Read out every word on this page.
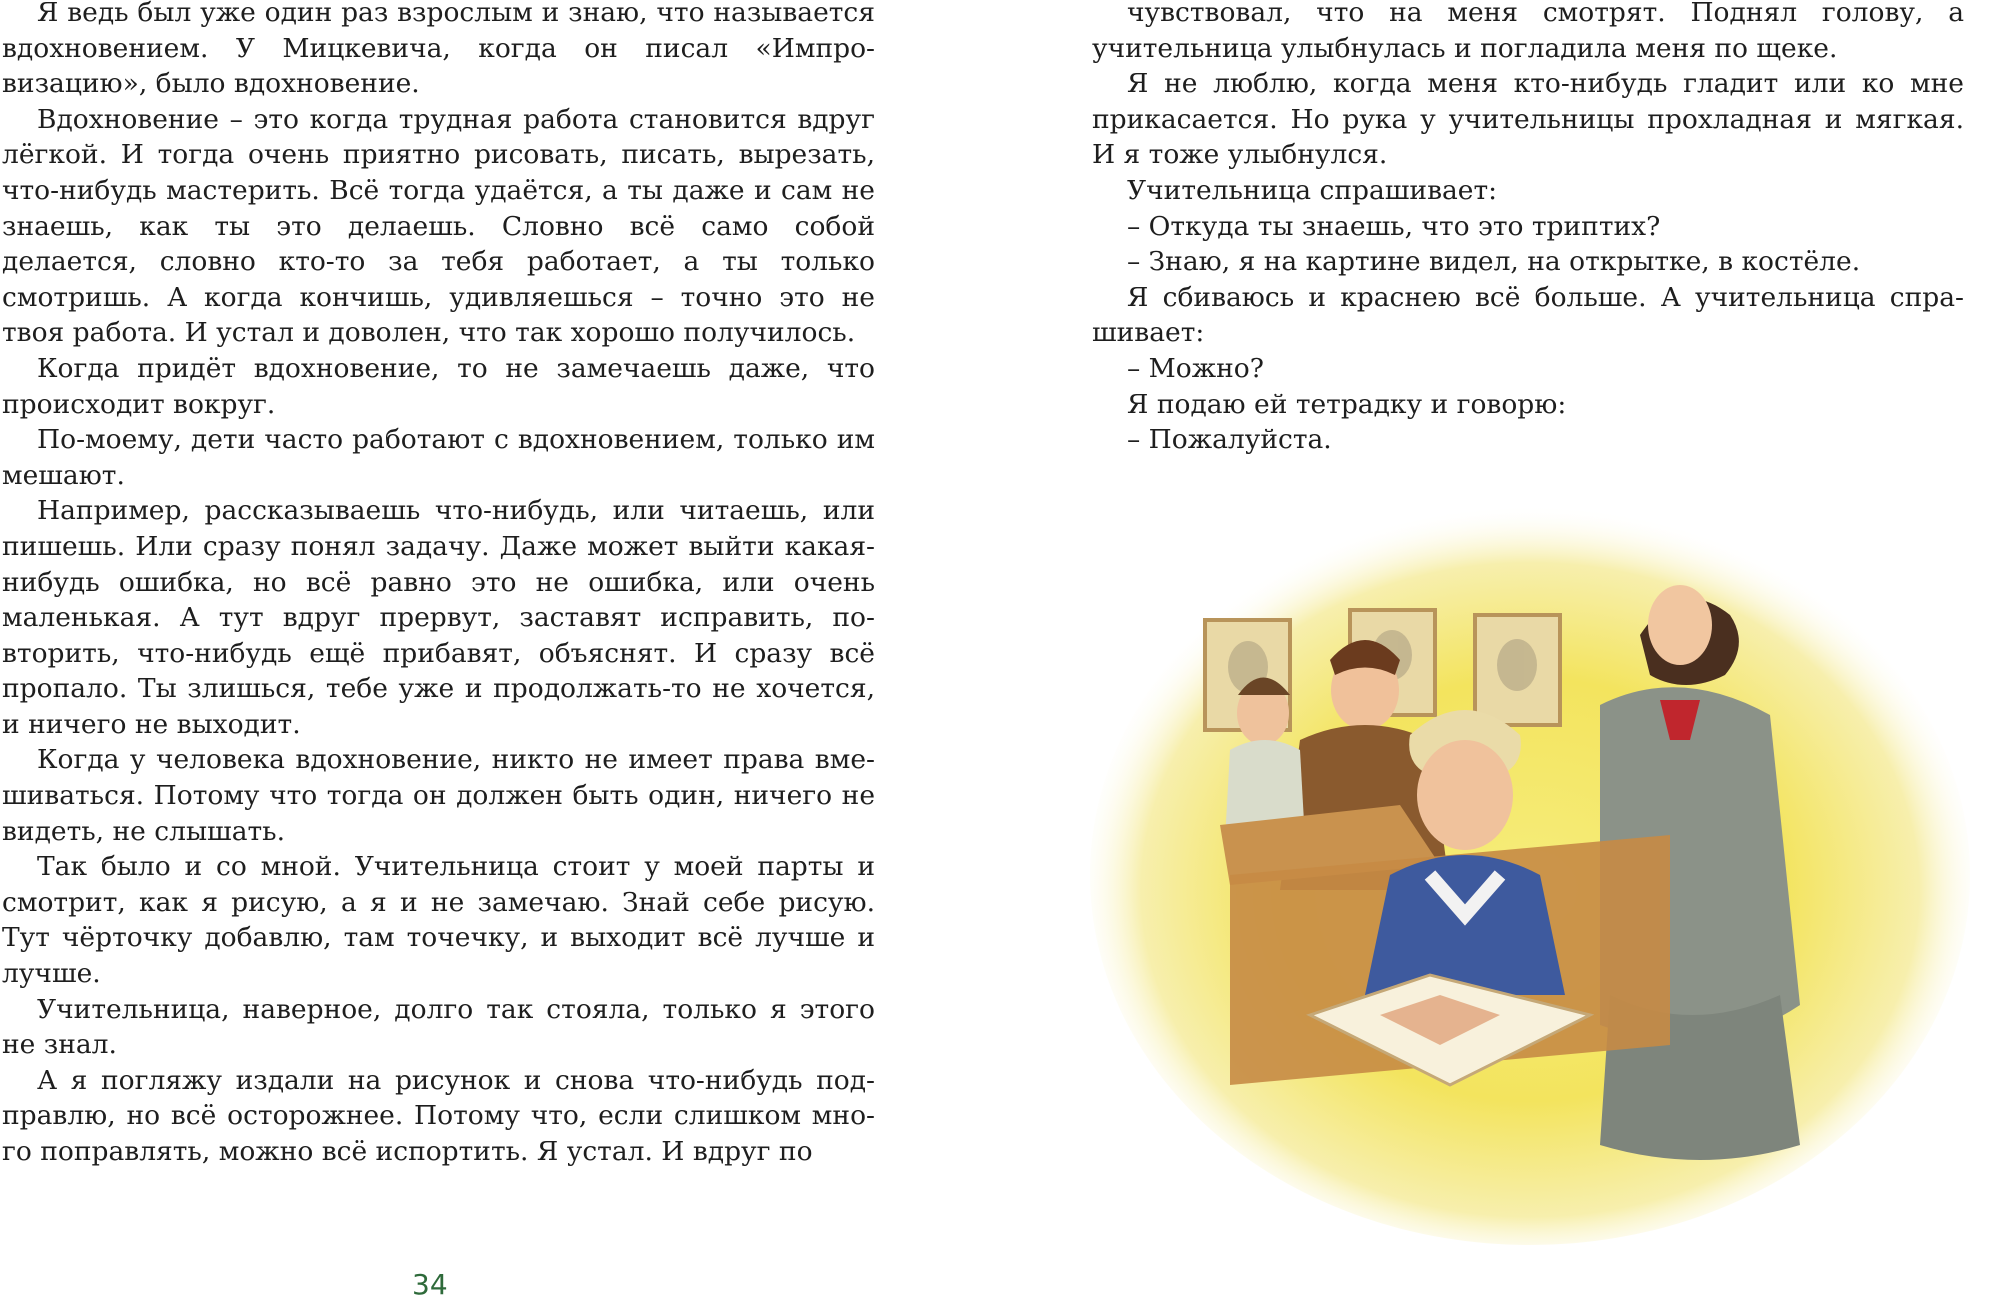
Я ведь был уже один раз взрослым и знаю, что называется вдохновением. У Мицкевича, когда он писал «Импровизацию», было вдохновение.

Вдохновение – это когда трудная работа становится вдруг лёгкой. И тогда очень приятно рисовать, писать, вырезать, что-нибудь мастерить. Всё тогда удаётся, а ты даже и сам не знаешь, как ты это делаешь. Словно всё само собой делается, словно кто-то за тебя работает, а ты только смотришь. А когда кончишь, удивляешься – точно это не твоя работа. И устал и доволен, что так хорошо получилось.

Когда придёт вдохновение, то не замечаешь даже, что происходит вокруг.

По-моему, дети часто работают с вдохновением, только им мешают.

Например, рассказываешь что-нибудь, или читаешь, или пишешь. Или сразу понял задачу. Даже может выйти какая-нибудь ошибка, но всё равно это не ошибка, или очень маленькая. А тут вдруг прервут, заставят исправить, повторить, что-нибудь ещё прибавят, объяснят. И сразу всё пропало. Ты злишься, тебе уже и продолжать-то не хочется, и ничего не выходит.

Когда у человека вдохновение, никто не имеет права вмешиваться. Потому что тогда он должен быть один, ничего не видеть, не слышать.

Так было и со мной. Учительница стоит у моей парты и смотрит, как я рисую, а я и не замечаю. Знай себе рисую. Тут чёрточку добавлю, там точечку, и выходит всё лучше и лучше.

Учительница, наверное, долго так стояла, только я этого не знал.

А я погляжу издали на рисунок и снова что-нибудь подправлю, но всё осторожнее. Потому что, если слишком много поправлять, можно всё испортить. Я устал. И вдруг по

34

чувствовал, что на меня смотрят. Поднял голову, а учительница улыбнулась и погладила меня по щеке.

Я не люблю, когда меня кто-нибудь гладит или ко мне прикасается. Но рука у учительницы прохладная и мягкая. И я тоже улыбнулся.

Учительница спрашивает:

– Откуда ты знаешь, что это триптих?

– Знаю, я на картине видел, на открытке, в костёле.

Я сбиваюсь и краснею всё больше. А учительница спрашивает:

– Можно?

Я подаю ей тетрадку и говорю:

– Пожалуйста.
